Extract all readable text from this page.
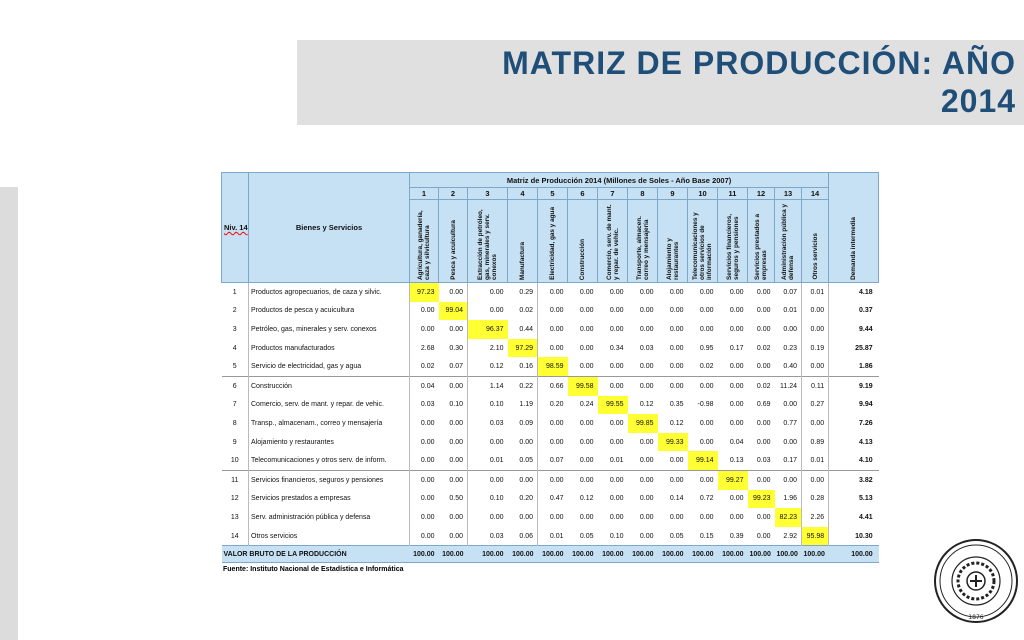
MATRIZ DE PRODUCCIÓN: AÑO
2014
Niv. 14	Bienes y Servicios	Matriz de Producción 2014 (Millones de Soles - Año Base 2007)														Demanda intermedia

		1	2	3	4	5	6	7	8	9	10	11	12	13	14	

		Agricultura, ganadería, caza y silvicultura	Pesca y acuicultura	Extracción de petróleo, gas, minerales y serv. conexos	Manufactura	Electricidad, gas y agua	Construcción	Comercio, serv. de mant. y repar. de vehic.	Transporte, almacen. correo y mensajería	Alojamiento y restaurantes	Telecomunicaciones y otros servicios de información	Servicios financieros, seguros y pensiones	Servicios prestados a empresas	Administración pública y defensa	Otros servicios	

1	Productos agropecuarios, de caza y silvic.	97.23	0.00	0.00	0.29	0.00	0.00	0.00	0.00	0.00	0.00	0.00	0.00	0.07	0.01	4.18
2	Productos de pesca y acuicultura	0.00	99.04	0.00	0.02	0.00	0.00	0.00	0.00	0.00	0.00	0.00	0.00	0.01	0.00	0.37
3	Petróleo, gas, minerales y serv. conexos	0.00	0.00	96.37	0.44	0.00	0.00	0.00	0.00	0.00	0.00	0.00	0.00	0.00	0.00	9.44
4	Productos manufacturados	2.68	0.30	2.10	97.29	0.00	0.00	0.34	0.03	0.00	0.95	0.17	0.02	0.23	0.19	25.87
5	Servicio de electricidad, gas y agua	0.02	0.07	0.12	0.16	98.59	0.00	0.00	0.00	0.00	0.02	0.00	0.00	0.40	0.00	1.86
6	Construcción	0.04	0.00	1.14	0.22	0.66	99.58	0.00	0.00	0.00	0.00	0.00	0.02	11.24	0.11	9.19
7	Comercio, serv. de mant. y repar. de vehic.	0.03	0.10	0.10	1.19	0.20	0.24	99.55	0.12	0.35	-0.98	0.00	0.69	0.00	0.27	9.94
8	Transp., almacenam., correo y mensajería	0.00	0.00	0.03	0.09	0.00	0.00	0.00	99.85	0.12	0.00	0.00	0.00	0.77	0.00	7.26
9	Alojamiento y restaurantes	0.00	0.00	0.00	0.00	0.00	0.00	0.00	0.00	99.33	0.00	0.04	0.00	0.00	0.89	4.13
10	Telecomunicaciones y otros serv. de inform.	0.00	0.00	0.01	0.05	0.07	0.00	0.01	0.00	0.00	99.14	0.13	0.03	0.17	0.01	4.10
11	Servicios financieros, seguros y pensiones	0.00	0.00	0.00	0.00	0.00	0.00	0.00	0.00	0.00	0.00	99.27	0.00	0.00	0.00	3.82
12	Servicios prestados a empresas	0.00	0.50	0.10	0.20	0.47	0.12	0.00	0.00	0.14	0.72	0.00	99.23	1.96	0.28	5.13
13	Serv. administración pública y defensa	0.00	0.00	0.00	0.00	0.00	0.00	0.00	0.00	0.00	0.00	0.00	0.00	82.23	2.26	4.41
14	Otros servicios	0.00	0.00	0.03	0.06	0.01	0.05	0.10	0.00	0.05	0.15	0.39	0.00	2.92	95.98	10.30
VALOR BRUTO DE LA PRODUCCIÓN		100.00	100.00	100.00	100.00	100.00	100.00	100.00	100.00	100.00	100.00	100.00	100.00	100.00	100.00	100.00
Fuente: Instituto Nacional de Estadística e Informática
1876
